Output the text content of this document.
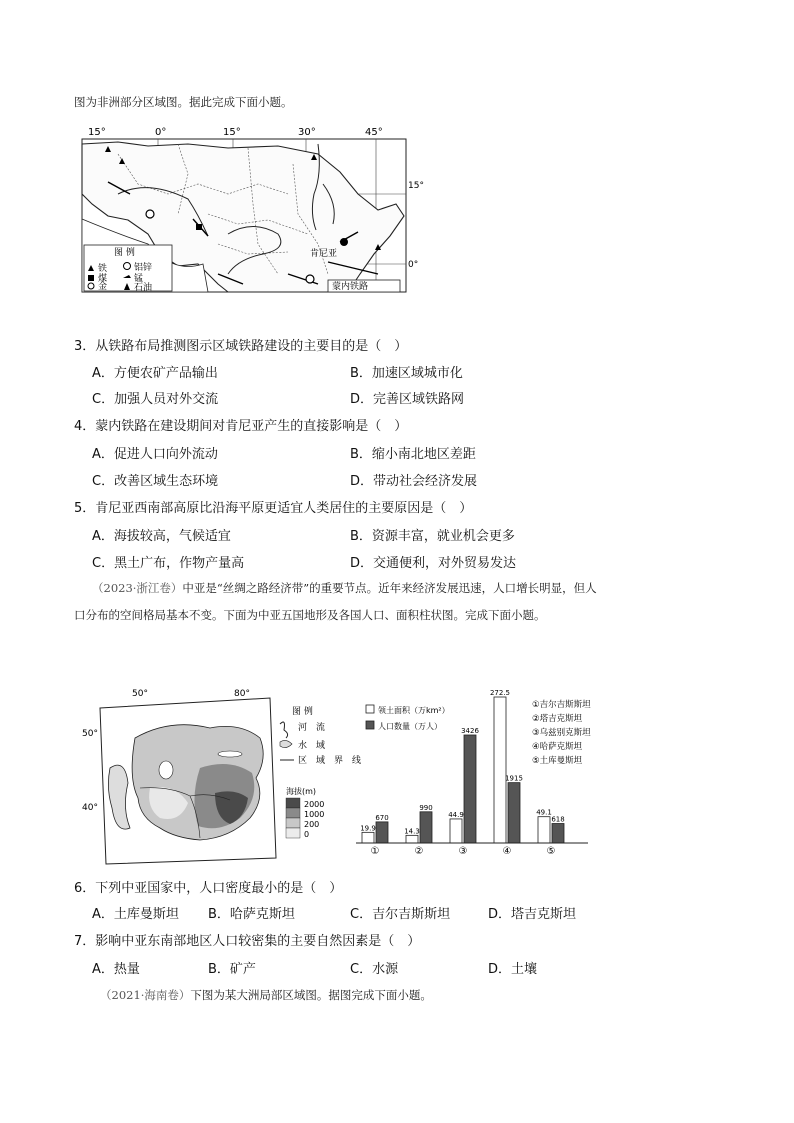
图为非洲部分区域图。据此完成下面小题。
15°	0°	15°	30°	45°
图 例
铁
煤
金
铝锌
锰
石油
肯尼亚
蒙内铁路
15°
0°
3．从铁路布局推测图示区域铁路建设的主要目的是（　）
A．方便农矿产品输出	B．加速区域城市化
C．加强人员对外交流	D．完善区域铁路网
4．蒙内铁路在建设期间对肯尼亚产生的直接影响是（　）
A．促进人口向外流动	B．缩小南北地区差距
C．改善区域生态环境	D．带动社会经济发展
5．肯尼亚西南部高原比沿海平原更适宜人类居住的主要原因是（　）
A．海拔较高，气候适宜	B．资源丰富，就业机会更多
C．黑土广布，作物产量高	D．交通便利，对外贸易发达
（2023·浙江卷）中亚是“丝绸之路经济带”的重要节点。近年来经济发展迅速，人口增长明显，但人
口分布的空间格局基本不变。下面为中亚五国地形及各国人口、面积柱状图。完成下面小题。
50°	80°
50°
40°
图 例
河　流
水　域
区　域　界　线
海拔(m)
2000
1000
200
0
领土面积（万km²）
人口数量（万人）
①吉尔吉斯斯坦
②塔吉克斯坦
③乌兹别克斯坦
④哈萨克斯坦
⑤土库曼斯坦
19.9
670
①
14.3
990
②
44.9
3426
③
272.5
1915
④
49.1
618
⑤
6．下列中亚国家中，人口密度最小的是（　）
A．土库曼斯坦 B．哈萨克斯坦	C．吉尔吉斯斯坦	D．塔吉克斯坦
7．影响中亚东南部地区人口较密集的主要自然因素是（　）
A．热量	B．矿产	C．水源	D．土壤
（2021·海南卷）下图为某大洲局部区域图。据图完成下面小题。
